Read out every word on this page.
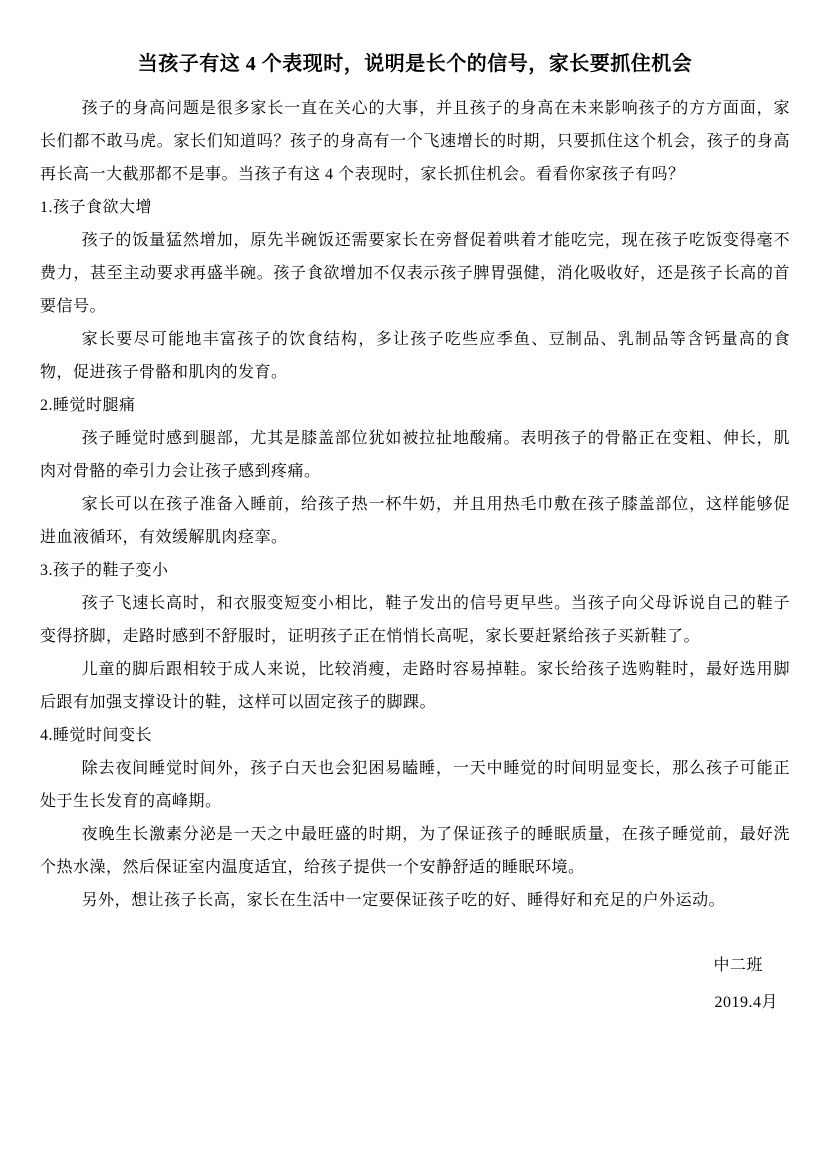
当孩子有这 4 个表现时，说明是长个的信号，家长要抓住机会

孩子的身高问题是很多家长一直在关心的大事，并且孩子的身高在未来影响孩子的方方面面，家长们都不敢马虎。家长们知道吗？孩子的身高有一个飞速增长的时期，只要抓住这个机会，孩子的身高再长高一大截那都不是事。当孩子有这 4 个表现时，家长抓住机会。看看你家孩子有吗？

1.孩子食欲大增

孩子的饭量猛然增加，原先半碗饭还需要家长在旁督促着哄着才能吃完，现在孩子吃饭变得毫不费力，甚至主动要求再盛半碗。孩子食欲增加不仅表示孩子脾胃强健，消化吸收好，还是孩子长高的首要信号。

家长要尽可能地丰富孩子的饮食结构，多让孩子吃些应季鱼、豆制品、乳制品等含钙量高的食物，促进孩子骨骼和肌肉的发育。

2.睡觉时腿痛

孩子睡觉时感到腿部，尤其是膝盖部位犹如被拉扯地酸痛。表明孩子的骨骼正在变粗、伸长，肌肉对骨骼的牵引力会让孩子感到疼痛。

家长可以在孩子准备入睡前，给孩子热一杯牛奶，并且用热毛巾敷在孩子膝盖部位，这样能够促进血液循环，有效缓解肌肉痉挛。

3.孩子的鞋子变小

孩子飞速长高时，和衣服变短变小相比，鞋子发出的信号更早些。当孩子向父母诉说自己的鞋子变得挤脚，走路时感到不舒服时，证明孩子正在悄悄长高呢，家长要赶紧给孩子买新鞋了。

儿童的脚后跟相较于成人来说，比较消瘦，走路时容易掉鞋。家长给孩子选购鞋时，最好选用脚后跟有加强支撑设计的鞋，这样可以固定孩子的脚踝。

4.睡觉时间变长

除去夜间睡觉时间外，孩子白天也会犯困易瞌睡，一天中睡觉的时间明显变长，那么孩子可能正处于生长发育的高峰期。

夜晚生长激素分泌是一天之中最旺盛的时期，为了保证孩子的睡眠质量，在孩子睡觉前，最好洗个热水澡，然后保证室内温度适宜，给孩子提供一个安静舒适的睡眠环境。

另外，想让孩子长高，家长在生活中一定要保证孩子吃的好、睡得好和充足的户外运动。

中二班

2019.4月
